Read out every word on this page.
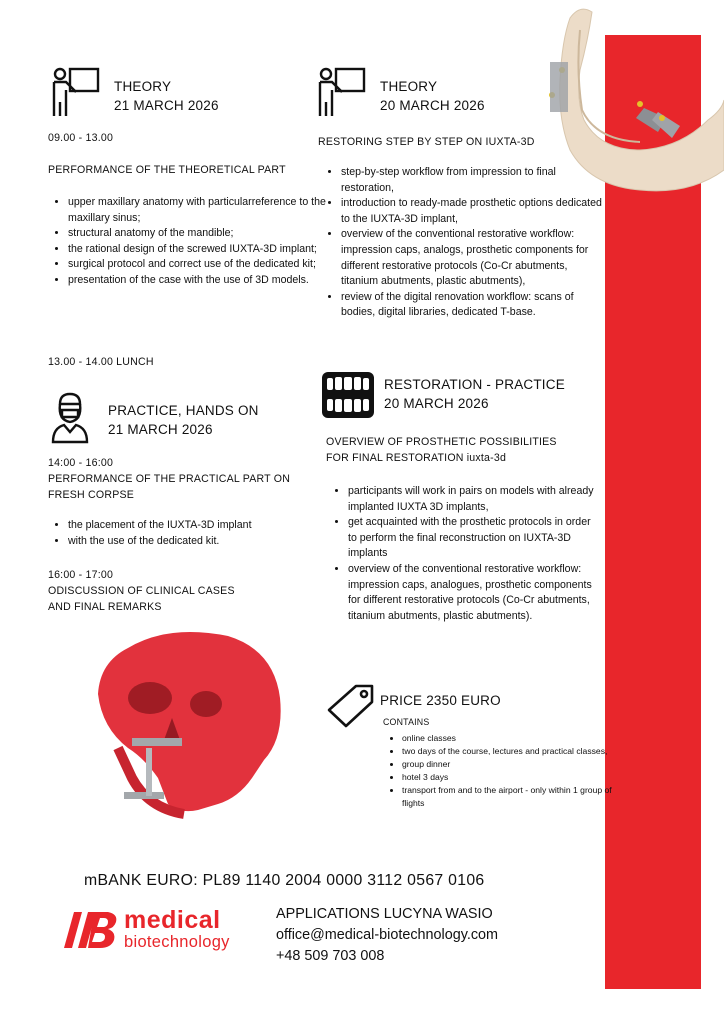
THEORY
21 MARCH 2026
09.00 - 13.00
PERFORMANCE OF THE THEORETICAL PART
• upper maxillary anatomy with particularreference to the maxillary sinus;
• structural anatomy of the mandible;
• the rational design of the screwed IUXTA-3D implant;
• surgical protocol and correct use of the dedicated kit;
• presentation of the case with the use of 3D models.
13.00 - 14.00 LUNCH
PRACTICE, HANDS ON
21 MARCH 2026
14:00 - 16:00
PERFORMANCE OF THE PRACTICAL PART ON FRESH CORPSE
• the placement of the IUXTA-3D implant
• with the use of the dedicated kit.
16:00 - 17:00
ODISCUSSION OF CLINICAL CASES
AND FINAL REMARKS
THEORY
20 MARCH 2026
RESTORING STEP BY STEP ON IUXTA-3D
• step-by-step workflow from impression to final restoration,
• introduction to ready-made prosthetic options dedicated to the IUXTA-3D implant,
• overview of the conventional restorative workflow: impression caps, analogs, prosthetic components for different restorative protocols (Co-Cr abutments, titanium abutments, plastic abutments),
• review of the digital renovation workflow: scans of bodies, digital libraries, dedicated T-base.
RESTORATION - PRACTICE
20 MARCH 2026
OVERVIEW OF PROSTHETIC POSSIBILITIES
FOR FINAL RESTORATION iuxta-3d
• participants will work in pairs on models with already implanted IUXTA 3D implants,
• get acquainted with the prosthetic protocols in order to perform the final reconstruction on IUXTA-3D implants
• overview of the conventional restorative workflow: impression caps, analogues, prosthetic components for different restorative protocols (Co-Cr abutments, titanium abutments, plastic abutments).
PRICE 2350 EURO
CONTAINS
• online classes
• two days of the course, lectures and practical classes,
• group dinner
• hotel 3 days
• transport from and to the airport - only within 1 group of flights
mBANK EURO: PL89 1140 2004 0000 3112 0567 0106
medical
biotechnology
APPLICATIONS LUCYNA WASIO
office@medical-biotechnology.com
+48 509 703 008
